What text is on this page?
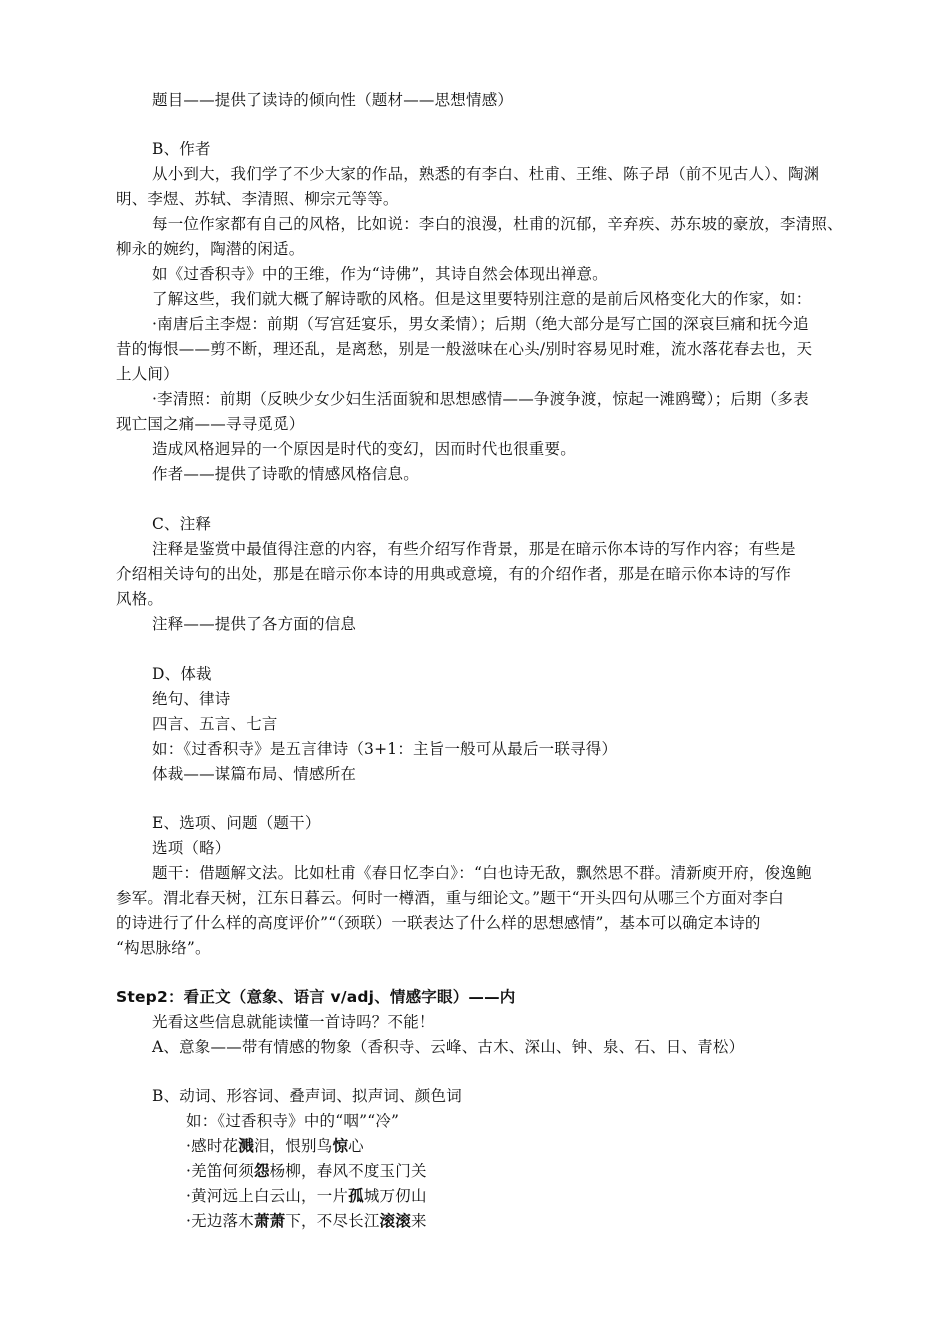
题目——提供了读诗的倾向性（题材——思想情感）
B、作者
从小到大，我们学了不少大家的作品，熟悉的有李白、杜甫、王维、陈子昂（前不见古人）、陶渊
明、李煜、苏轼、李清照、柳宗元等等。
每一位作家都有自己的风格，比如说：李白的浪漫，杜甫的沉郁，辛弃疾、苏东坡的豪放，李清照、
柳永的婉约，陶潜的闲适。
如《过香积寺》中的王维，作为“诗佛”，其诗自然会体现出禅意。
了解这些，我们就大概了解诗歌的风格。但是这里要特别注意的是前后风格变化大的作家，如：
·南唐后主李煜：前期（写宫廷宴乐，男女柔情）；后期（绝大部分是写亡国的深哀巨痛和抚今追
昔的悔恨——剪不断，理还乱，是离愁，别是一般滋味在心头/别时容易见时难，流水落花春去也，天
上人间）
·李清照：前期（反映少女少妇生活面貌和思想感情——争渡争渡，惊起一滩鸥鹭）；后期（多表
现亡国之痛——寻寻觅觅）
造成风格迥异的一个原因是时代的变幻，因而时代也很重要。
作者——提供了诗歌的情感风格信息。
C、注释
注释是鉴赏中最值得注意的内容，有些介绍写作背景，那是在暗示你本诗的写作内容；有些是
介绍相关诗句的出处，那是在暗示你本诗的用典或意境，有的介绍作者，那是在暗示你本诗的写作
风格。
注释——提供了各方面的信息
D、体裁
绝句、律诗
四言、五言、七言
如：《过香积寺》是五言律诗（3+1：主旨一般可从最后一联寻得）
体裁——谋篇布局、情感所在
E、选项、问题（题干）
选项（略）
题干：借题解文法。比如杜甫《春日忆李白》：“白也诗无敌，飘然思不群。清新庾开府，俊逸鲍
参军。渭北春天树，江东日暮云。何时一樽酒，重与细论文。”题干“开头四句从哪三个方面对李白
的诗进行了什么样的高度评价”“（颈联）一联表达了什么样的思想感情”，基本可以确定本诗的
“构思脉络”。
Step2：看正文（意象、语言 v/adj、情感字眼）——内
光看这些信息就能读懂一首诗吗？不能！
A、意象——带有情感的物象（香积寺、云峰、古木、深山、钟、泉、石、日、青松）
B、动词、形容词、叠声词、拟声词、颜色词
如：《过香积寺》中的“咽”“冷”
·感时花溅泪，恨别鸟惊心
·羌笛何须怨杨柳，春风不度玉门关
·黄河远上白云山，一片孤城万仞山
·无边落木萧萧下，不尽长江滚滚来
